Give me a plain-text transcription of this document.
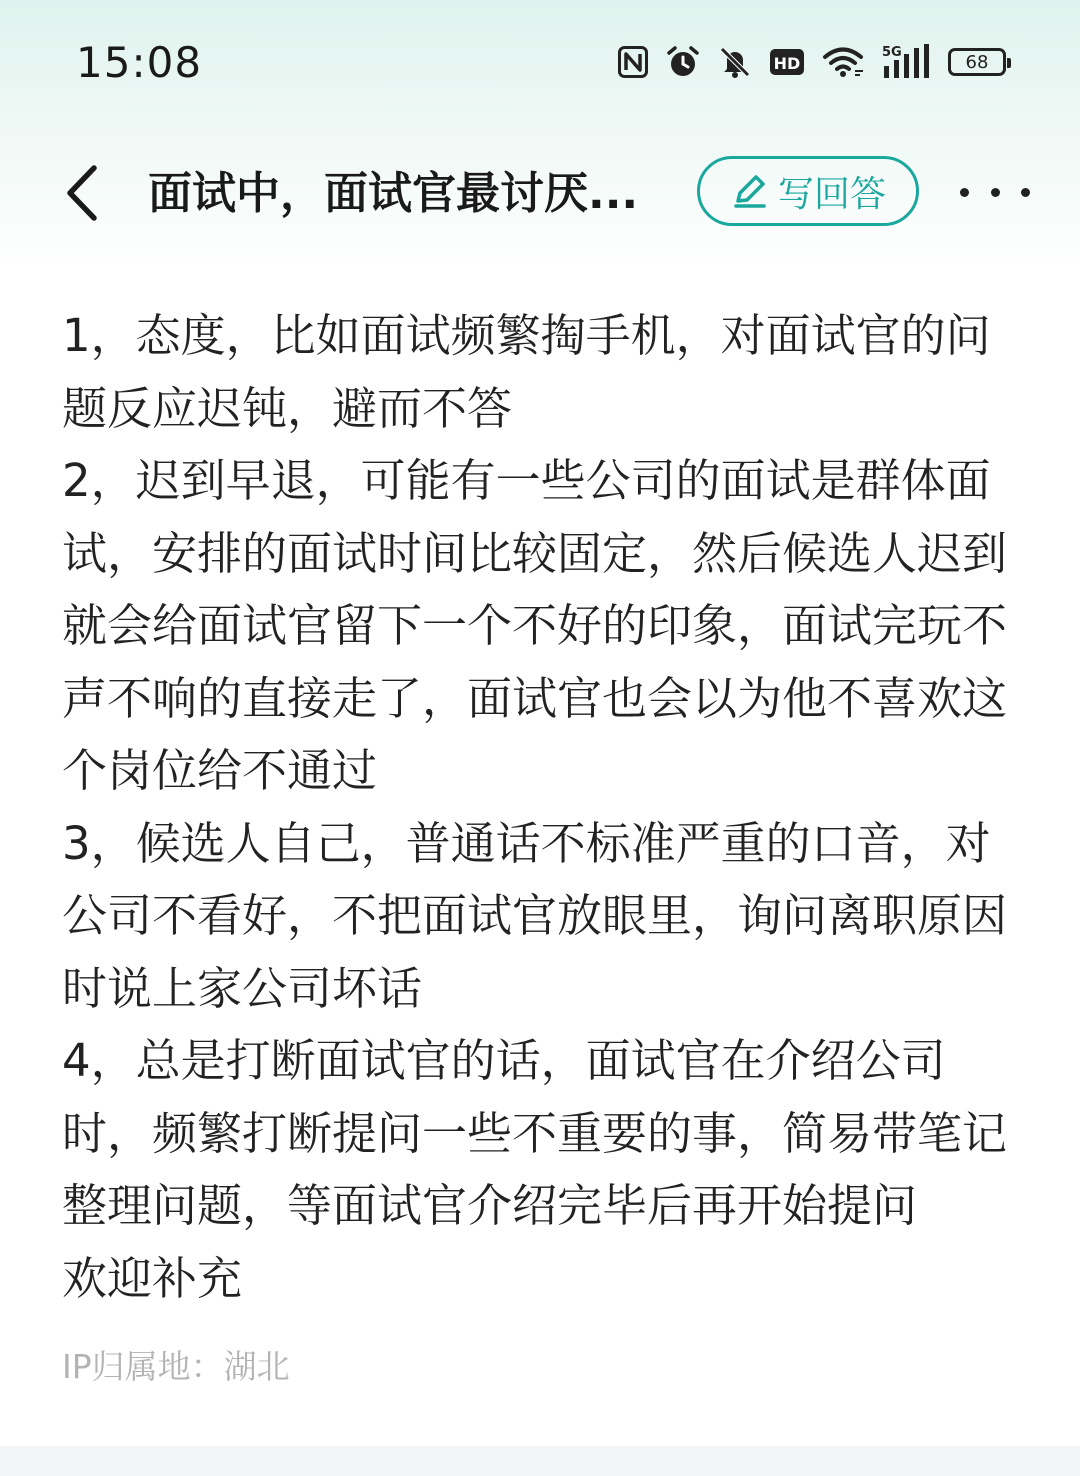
15:08	HD
5G	68
面试中，面试官最讨厌...	写回答

1，态度，比如面试频繁掏手机，对面试官的问题反应迟钝，避而不答

2，迟到早退，可能有一些公司的面试是群体面试，安排的面试时间比较固定，然后候选人迟到就会给面试官留下一个不好的印象，面试完玩不声不响的直接走了，面试官也会以为他不喜欢这个岗位给不通过

3，候选人自己，普通话不标准严重的口音，对公司不看好，不把面试官放眼里，询问离职原因时说上家公司坏话

4，总是打断面试官的话，面试官在介绍公司时，频繁打断提问一些不重要的事，简易带笔记整理问题，等面试官介绍完毕后再开始提问

欢迎补充

IP归属地：湖北
